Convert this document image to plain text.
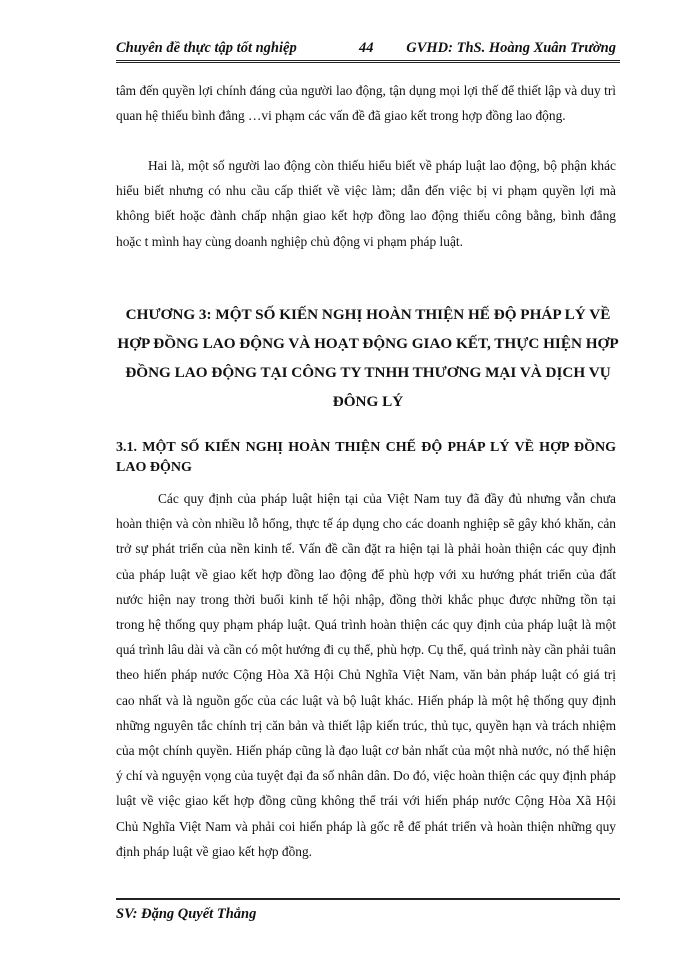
Chuyên đề thực tập tốt nghiệp	44 GVHD: ThS. Hoàng Xuân Trường

tâm đến quyền lợi chính đáng của người lao động, tận dụng mọi lợi thế để thiết lập và duy trì quan hệ thiếu bình đẳng …vi phạm các vấn đề đã giao kết trong hợp đồng lao động.

Hai là, một số người lao động còn thiếu hiểu biết về pháp luật lao động, bộ phận khác hiểu biết nhưng có nhu cầu cấp thiết về việc làm; dẫn đến việc bị vi phạm quyền lợi mà không biết hoặc đành chấp nhận giao kết hợp đồng lao động thiếu công bằng, bình đẳng hoặc t mình hay cùng doanh nghiệp chủ động vi phạm pháp luật.

CHƯƠNG 3: MỘT SỐ KIẾN NGHỊ HOÀN THIỆN HẾ ĐỘ PHÁP LÝ VỀ HỢP ĐỒNG LAO ĐỘNG VÀ HOẠT ĐỘNG GIAO KẾT, THỰC HIỆN HỢP ĐỒNG LAO ĐỘNG TẠI CÔNG TY TNHH THƯƠNG MẠI VÀ DỊCH VỤ ĐÔNG LÝ
3.1. MỘT SỐ KIẾN NGHỊ HOÀN THIỆN CHẾ ĐỘ PHÁP LÝ VỀ HỢP ĐỒNG LAO ĐỘNG

Các quy định của pháp luật hiện tại của Việt Nam tuy đã đầy đủ nhưng vẫn chưa hoàn thiện và còn nhiều lỗ hổng, thực tế áp dụng cho các doanh nghiệp sẽ gây khó khăn, cản trở sự phát triển của nền kinh tế. Vấn đề cần đặt ra hiện tại là phải hoàn thiện các quy định của pháp luật về giao kết hợp đồng lao động để phù hợp với xu hướng phát triển của đất nước hiện nay trong thời buổi kinh tế hội nhập, đồng thời khắc phục được những tồn tại trong hệ thống quy phạm pháp luật. Quá trình hoàn thiện các quy định của pháp luật là một quá trình lâu dài và cần có một hướng đi cụ thể, phù hợp. Cụ thể, quá trình này cần phải tuân theo hiến pháp nước Cộng Hòa Xã Hội Chủ Nghĩa Việt Nam, văn bản pháp luật có giá trị cao nhất và là nguồn gốc của các luật và bộ luật khác. Hiến pháp là một hệ thống quy định những nguyên tắc chính trị căn bản và thiết lập kiến trúc, thủ tục, quyền hạn và trách nhiệm của một chính quyền. Hiến pháp cũng là đạo luật cơ bản nhất của một nhà nước, nó thể hiện ý chí và nguyện vọng của tuyệt đại đa số nhân dân. Do đó, việc hoàn thiện các quy định pháp luật về việc giao kết hợp đồng cũng không thể trái với hiến pháp nước Cộng Hòa Xã Hội Chủ Nghĩa Việt Nam và phải coi hiến pháp là gốc rễ để phát triển và hoàn thiện những quy định pháp luật về giao kết hợp đồng.

SV: Đặng Quyết Thắng
